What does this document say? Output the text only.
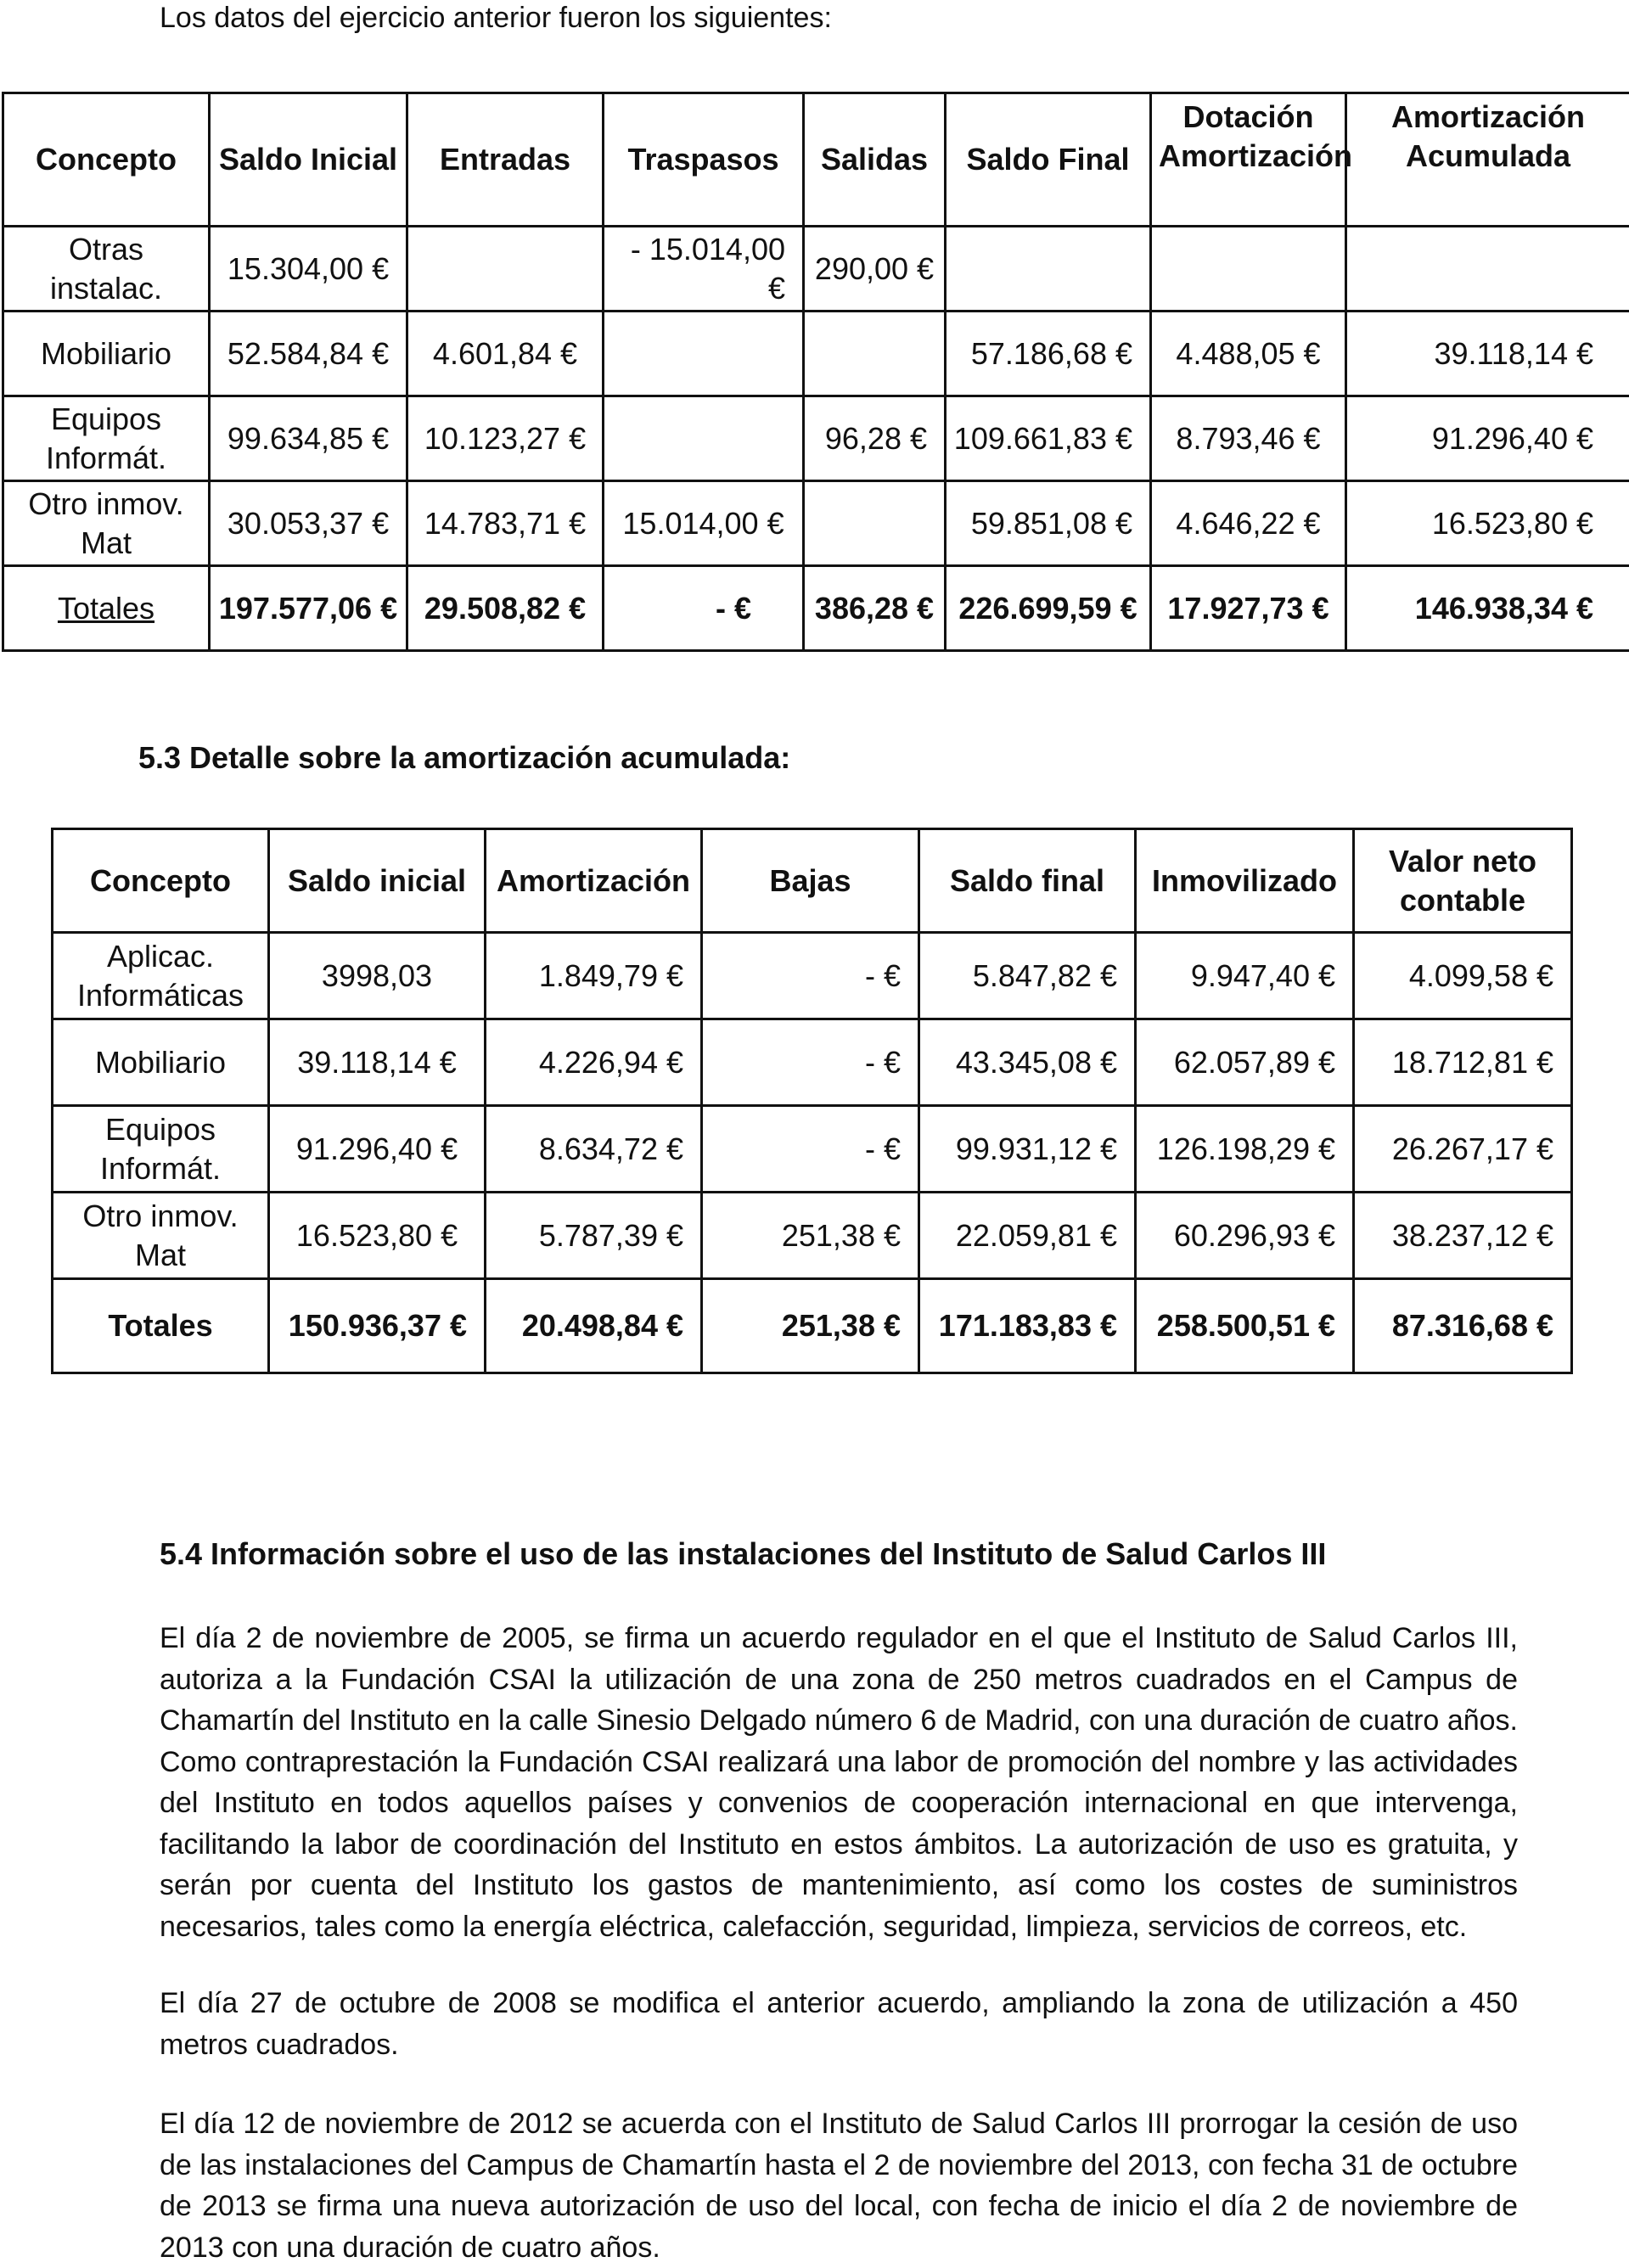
Los datos del ejercicio anterior fueron los siguientes:

Concepto	Saldo Inicial	Entradas	Traspasos	Salidas	Saldo Final	Dotación Amortización	Amortización Acumulada
Otras instalac.	15.304,00 €		- 15.014,00 €	290,00 €			
Mobiliario	52.584,84 €	4.601,84 €			57.186,68 €	4.488,05 €	39.118,14 €
Equipos Informát.	99.634,85 €	10.123,27 €		96,28 €	109.661,83 €	8.793,46 €	91.296,40 €
Otro inmov. Mat	30.053,37 €	14.783,71 €	15.014,00 €		59.851,08 €	4.646,22 €	16.523,80 €
Totales	197.577,06 €	29.508,82 €	- €	386,28 €	226.699,59 €	17.927,73 €	146.938,34 €
5.3 Detalle sobre la amortización acumulada:
Concepto	Saldo inicial	Amortización	Bajas	Saldo final	Inmovilizado	Valor neto contable
Aplicac. Informáticas	3998,03	1.849,79 €	- €	5.847,82 €	9.947,40 €	4.099,58 €
Mobiliario	39.118,14 €	4.226,94 €	- €	43.345,08 €	62.057,89 €	18.712,81 €
Equipos Informát.	91.296,40 €	8.634,72 €	- €	99.931,12 €	126.198,29 €	26.267,17 €
Otro inmov. Mat	16.523,80 €	5.787,39 €	251,38 €	22.059,81 €	60.296,93 €	38.237,12 €
Totales	150.936,37 €	20.498,84 €	251,38 €	171.183,83 €	258.500,51 €	87.316,68 €
5.4 Información sobre el uso de las instalaciones del Instituto de Salud Carlos III

El día 2 de noviembre de 2005, se firma un acuerdo regulador en el que el Instituto de Salud Carlos III, autoriza a la Fundación CSAI la utilización de una zona de 250 metros cuadrados en el Campus de Chamartín del Instituto en la calle Sinesio Delgado número 6 de Madrid, con una duración de cuatro años. Como contraprestación la Fundación CSAI realizará una labor de promoción del nombre y las actividades del Instituto en todos aquellos países y convenios de cooperación internacional en que intervenga, facilitando la labor de coordinación del Instituto en estos ámbitos. La autorización de uso es gratuita, y serán por cuenta del Instituto los gastos de mantenimiento, así como los costes de suministros necesarios, tales como la energía eléctrica, calefacción, seguridad, limpieza, servicios de correos, etc.

El día 27 de octubre de 2008 se modifica el anterior acuerdo, ampliando la zona de utilización a 450 metros cuadrados.

El día 12 de noviembre de 2012 se acuerda con el Instituto de Salud Carlos III prorrogar la cesión de uso de las instalaciones del Campus de Chamartín hasta el 2 de noviembre del 2013, con fecha 31 de octubre de 2013 se firma una nueva autorización de uso del local, con fecha de inicio el día 2 de noviembre de 2013 con una duración de cuatro años.
